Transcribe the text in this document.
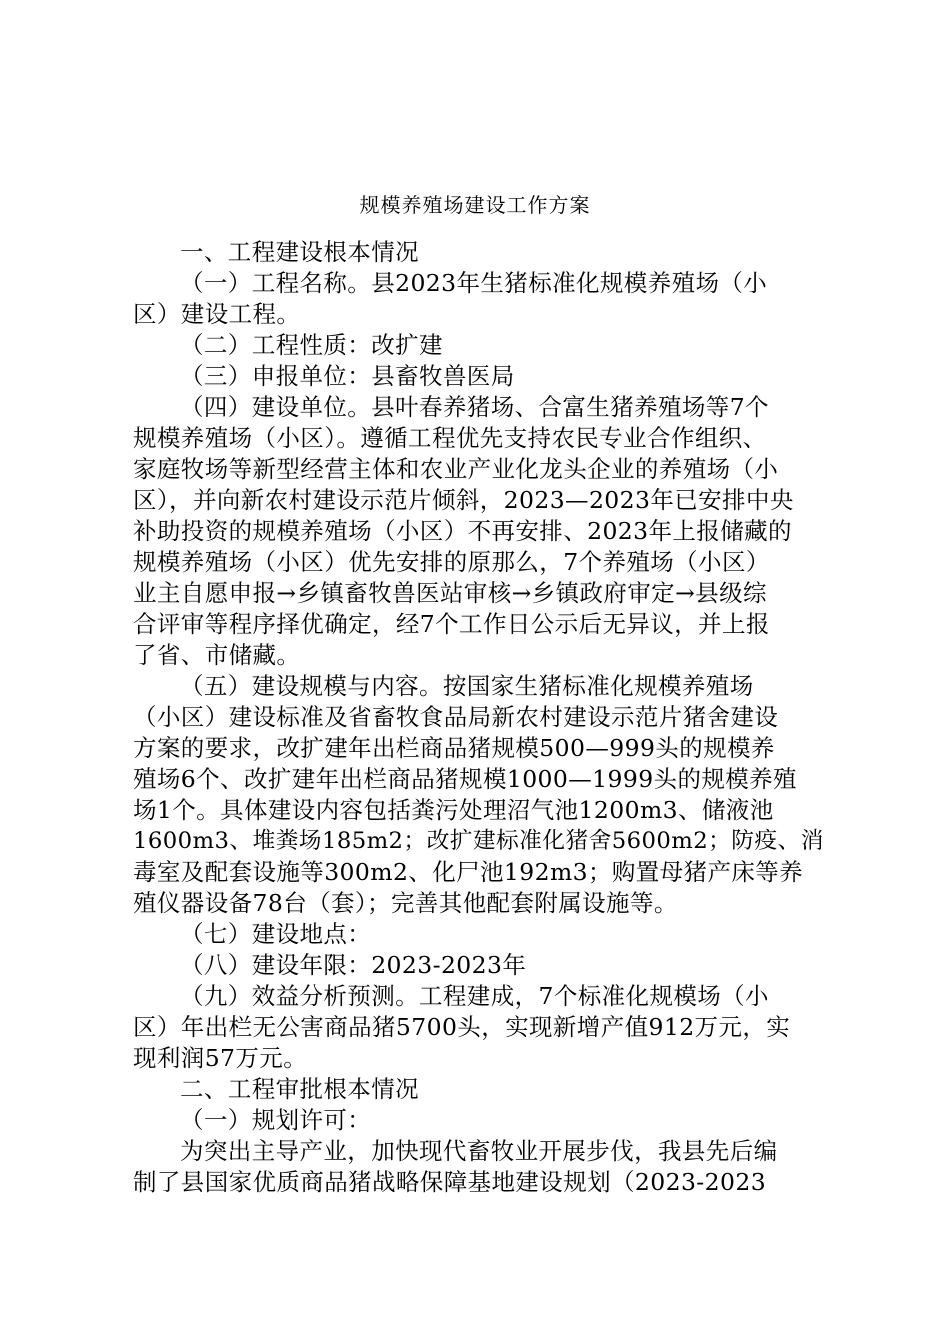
规模养殖场建设工作方案
一、工程建设根本情况
（一）工程名称。县2023年生猪标准化规模养殖场（小
区）建设工程。
（二）工程性质：改扩建
（三）申报单位：县畜牧兽医局
（四）建设单位。县叶春养猪场、合富生猪养殖场等7个
规模养殖场（小区）。遵循工程优先支持农民专业合作组织、
家庭牧场等新型经营主体和农业产业化龙头企业的养殖场（小
区），并向新农村建设示范片倾斜，2023—2023年已安排中央
补助投资的规模养殖场（小区）不再安排、2023年上报储藏的
规模养殖场（小区）优先安排的原那么，7个养殖场（小区）
业主自愿申报→乡镇畜牧兽医站审核→乡镇政府审定→县级综
合评审等程序择优确定，经7个工作日公示后无异议，并上报
了省、市储藏。
（五）建设规模与内容。按国家生猪标准化规模养殖场
（小区）建设标准及省畜牧食品局新农村建设示范片猪舍建设
方案的要求，改扩建年出栏商品猪规模500—999头的规模养
殖场6个、改扩建年出栏商品猪规模1000—1999头的规模养殖
场1个。具体建设内容包括粪污处理沼气池1200m3、储液池
1600m3、堆粪场185m2；改扩建标准化猪舍5600m2；防疫、消
毒室及配套设施等300m2、化尸池192m3；购置母猪产床等养
殖仪器设备78台（套）；完善其他配套附属设施等。
（七）建设地点：
（八）建设年限：2023-2023年
（九）效益分析预测。工程建成，7个标准化规模场（小
区）年出栏无公害商品猪5700头，实现新增产值912万元，实
现利润57万元。
二、工程审批根本情况
（一）规划许可：
为突出主导产业，加快现代畜牧业开展步伐，我县先后编
制了县国家优质商品猪战略保障基地建设规划（2023-2023
